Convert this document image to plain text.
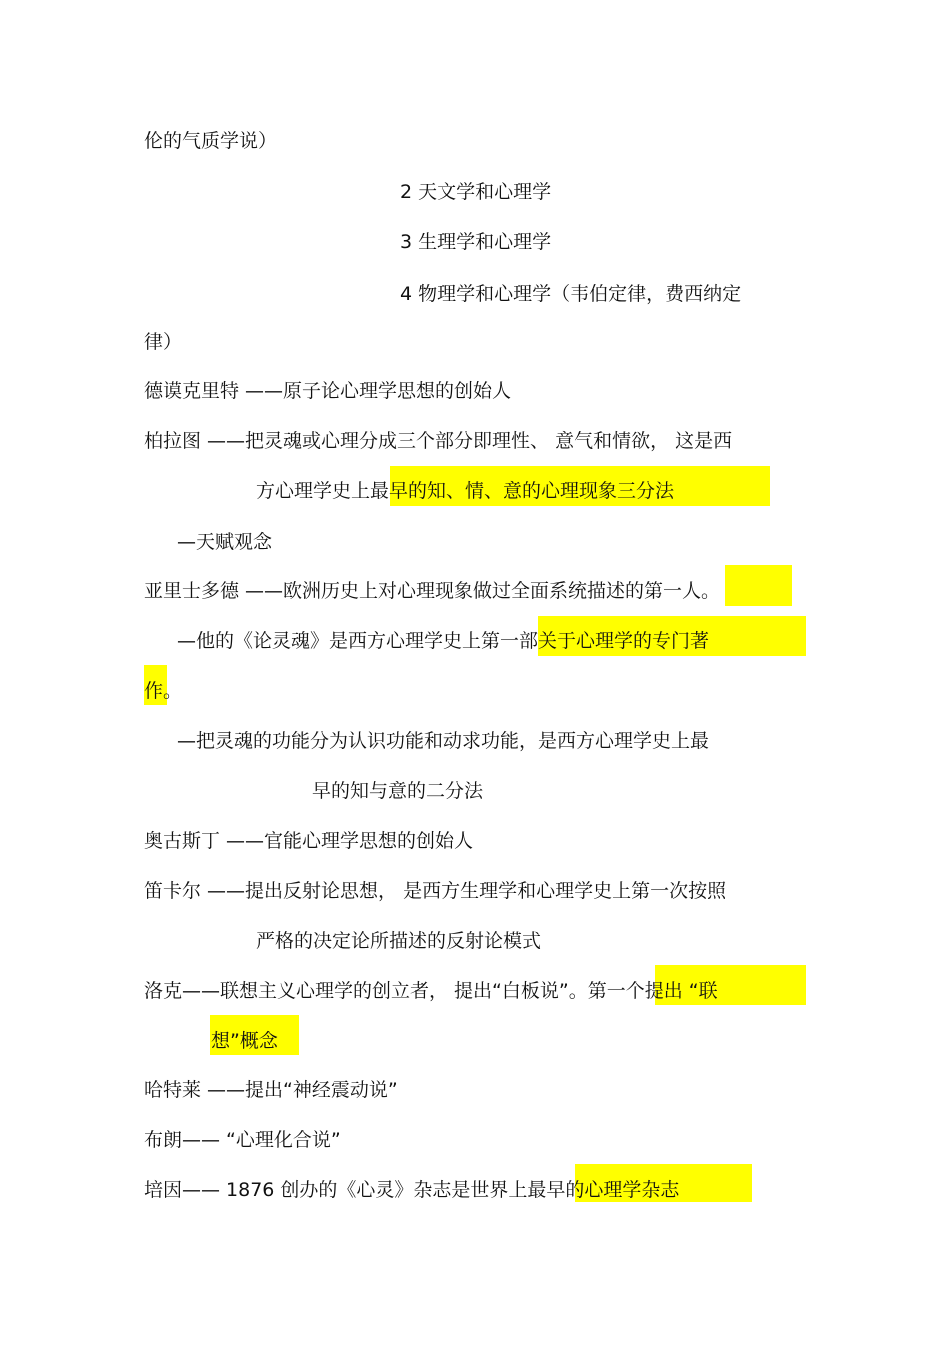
伦的气质学说）
2 天文学和心理学
3 生理学和心理学
4 物理学和心理学（韦伯定律，费西纳定
律）
德谟克里特 ——原子论心理学思想的创始人
柏拉图 ——把灵魂或心理分成三个部分即理性、 意气和情欲， 这是西
方心理学史上最早的知、情、意的心理现象三分法
—天赋观念
亚里士多德 ——欧洲历史上对心理现象做过全面系统描述的第一人。
—他的《论灵魂》是西方心理学史上第一部关于心理学的专门著
作。
—把灵魂的功能分为认识功能和动求功能，是西方心理学史上最
早的知与意的二分法
奥古斯丁 ——官能心理学思想的创始人
笛卡尔 ——提出反射论思想， 是西方生理学和心理学史上第一次按照
严格的决定论所描述的反射论模式
洛克——联想主义心理学的创立者， 提出“白板说”。第一个提出 “联
想”概念
哈特莱 ——提出“神经震动说”
布朗—— “心理化合说”
培因—— 1876 创办的《心灵》杂志是世界上最早的心理学杂志
